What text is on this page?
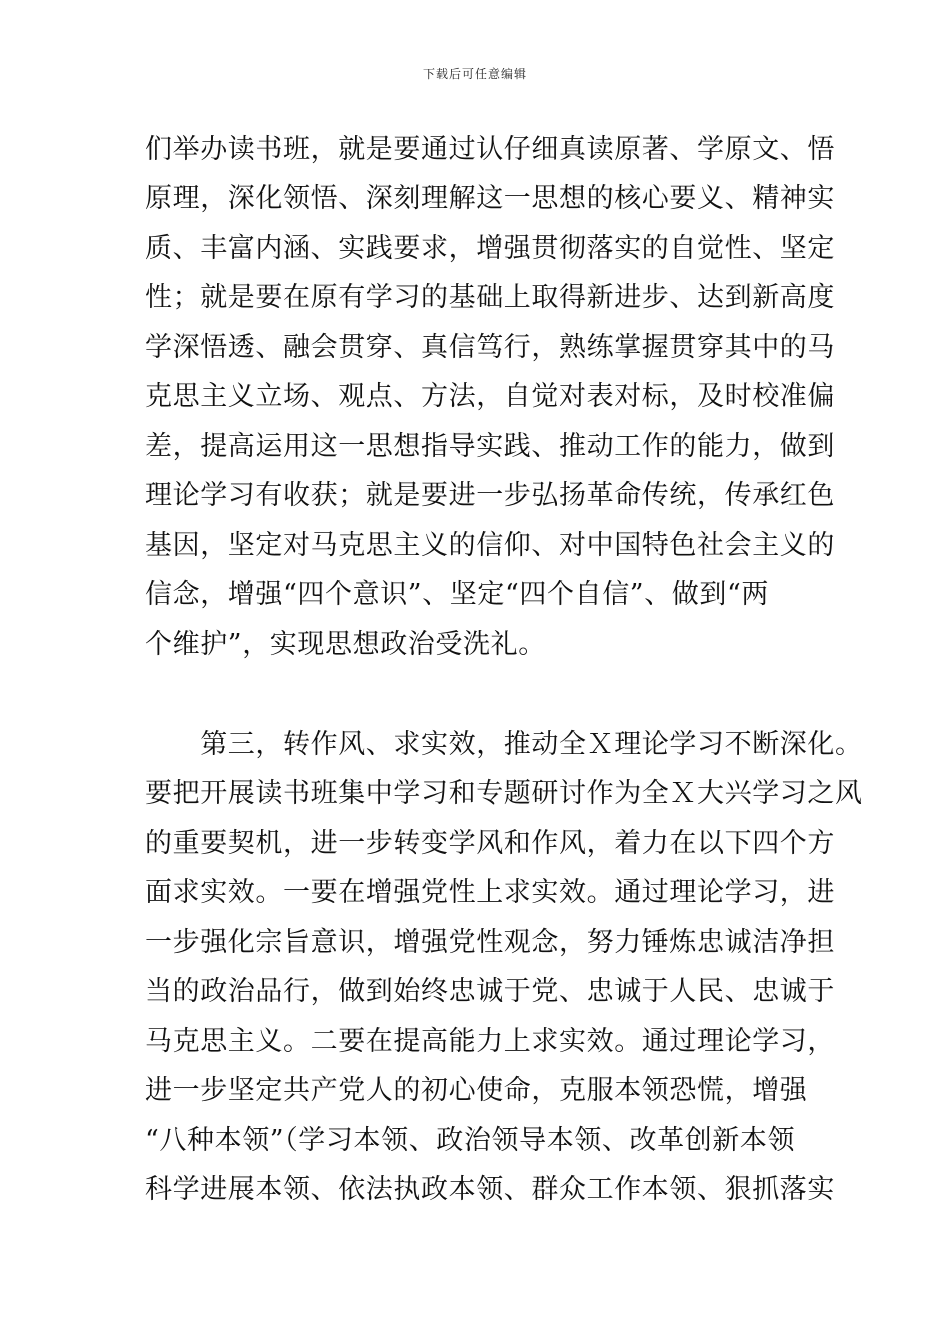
下载后可任意编辑
们举办读书班，就是要通过认仔细真读原著、学原文、悟
原理，深化领悟、深刻理解这一思想的核心要义、精神实
质、丰富内涵、实践要求，增强贯彻落实的自觉性、坚定
性；就是要在原有学习的基础上取得新进步、达到新高度
学深悟透、融会贯穿、真信笃行，熟练掌握贯穿其中的马
克思主义立场、观点、方法，自觉对表对标，及时校准偏
差，提高运用这一思想指导实践、推动工作的能力，做到
理论学习有收获；就是要进一步弘扬革命传统，传承红色
基因，坚定对马克思主义的信仰、对中国特色社会主义的
信念，增强“四个意识”、坚定“四个自信”、做到“两
个维护”，实现思想政治受洗礼。
　　第三，转作风、求实效，推动全Ｘ理论学习不断深化。
要把开展读书班集中学习和专题研讨作为全Ｘ大兴学习之风
的重要契机，进一步转变学风和作风，着力在以下四个方
面求实效。一要在增强党性上求实效。通过理论学习，进
一步强化宗旨意识，增强党性观念，努力锤炼忠诚洁净担
当的政治品行，做到始终忠诚于党、忠诚于人民、忠诚于
马克思主义。二要在提高能力上求实效。通过理论学习，
进一步坚定共产党人的初心使命，克服本领恐慌，增强
“八种本领”（学习本领、政治领导本领、改革创新本领
科学进展本领、依法执政本领、群众工作本领、狠抓落实
